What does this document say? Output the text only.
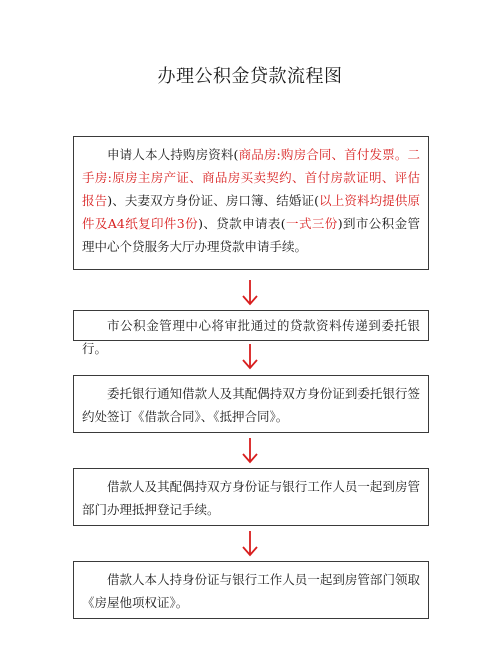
办理公积金贷款流程图

申请人本人持购房资料(商品房:购房合同、首付发票。二手房:原房主房产证、商品房买卖契约、首付房款证明、评估报告)、夫妻双方身份证、房口簿、结婚证(以上资料均提供原件及A4纸复印件3份)、贷款申请表(一式三份)到市公积金管理中心个贷服务大厅办理贷款申请手续。

市公积金管理中心将审批通过的贷款资料传递到委托银行。

委托银行通知借款人及其配偶持双方身份证到委托银行签约处签订《借款合同》、《抵押合同》。

借款人及其配偶持双方身份证与银行工作人员一起到房管部门办理抵押登记手续。

借款人本人持身份证与银行工作人员一起到房管部门领取《房屋他项权证》。
